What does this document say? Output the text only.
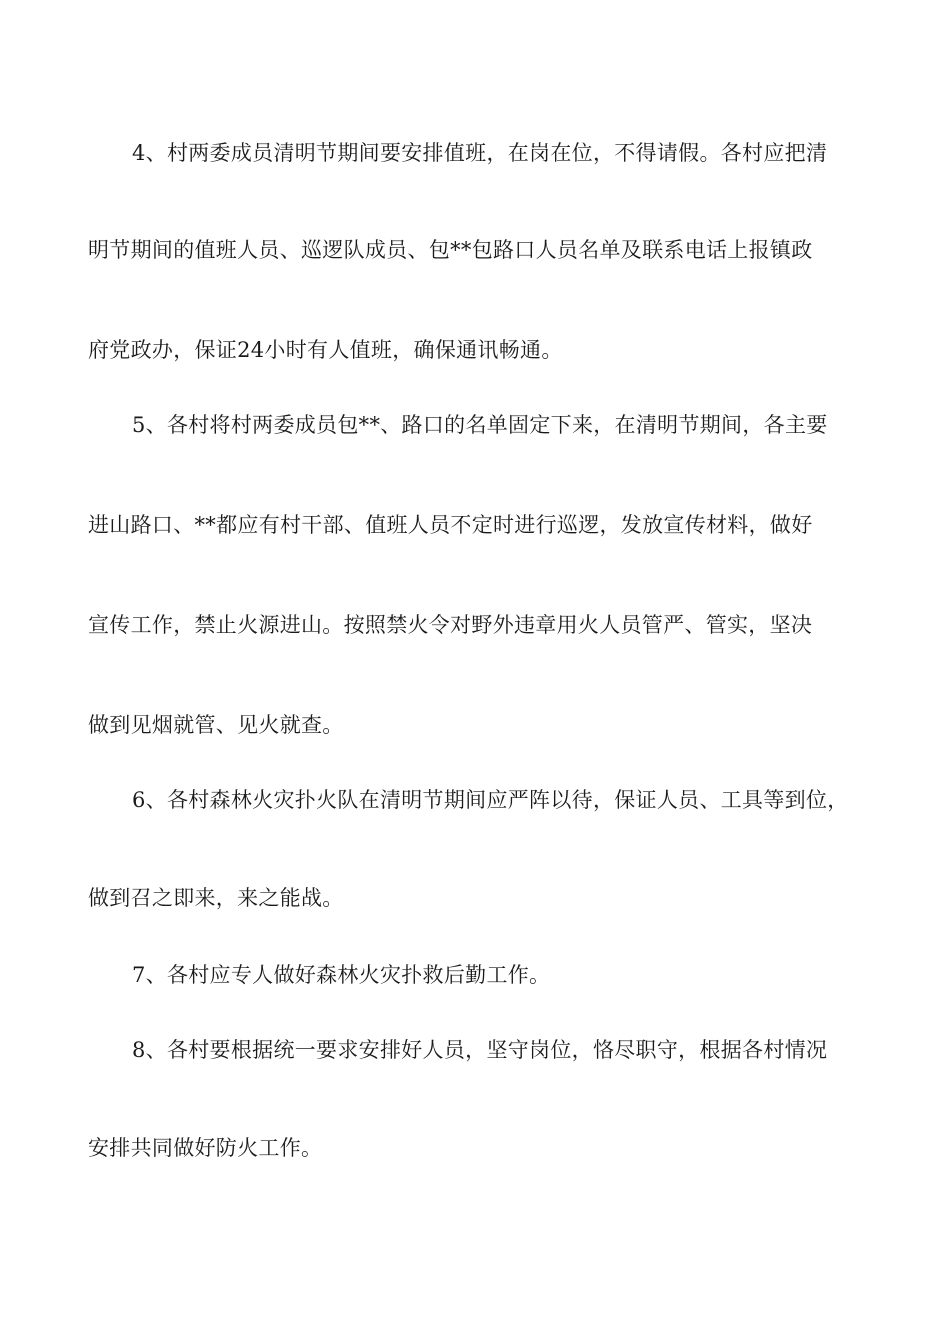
4、村两委成员清明节期间要安排值班，在岗在位，不得请假。各村应把清
明节期间的值班人员、巡逻队成员、包**包路口人员名单及联系电话上报镇政
府党政办，保证24小时有人值班，确保通讯畅通。
5、各村将村两委成员包**、路口的名单固定下来，在清明节期间，各主要
进山路口、**都应有村干部、值班人员不定时进行巡逻，发放宣传材料，做好
宣传工作，禁止火源进山。按照禁火令对野外违章用火人员管严、管实，坚决
做到见烟就管、见火就查。
6、各村森林火灾扑火队在清明节期间应严阵以待，保证人员、工具等到位，
做到召之即来，来之能战。
7、各村应专人做好森林火灾扑救后勤工作。
8、各村要根据统一要求安排好人员，坚守岗位，恪尽职守，根据各村情况
安排共同做好防火工作。
